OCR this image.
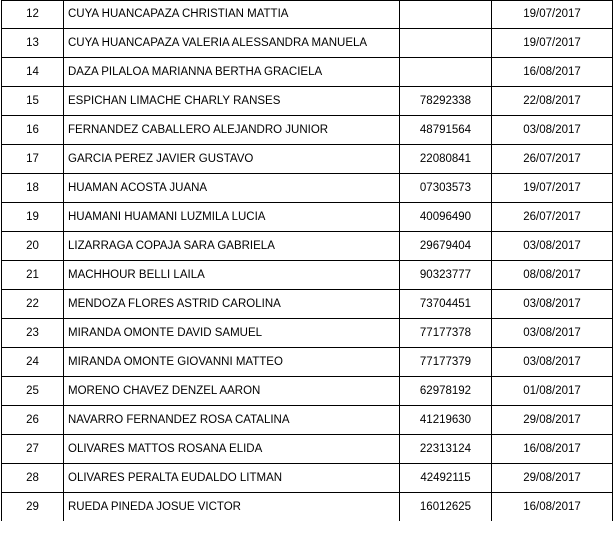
12	CUYA HUANCAPAZA CHRISTIAN MATTIA		19/07/2017
13	CUYA HUANCAPAZA VALERIA ALESSANDRA MANUELA		19/07/2017
14	DAZA PILALOA MARIANNA BERTHA GRACIELA		16/08/2017
15	ESPICHAN LIMACHE CHARLY RANSES	78292338	22/08/2017
16	FERNANDEZ CABALLERO ALEJANDRO JUNIOR	48791564	03/08/2017
17	GARCIA PEREZ JAVIER GUSTAVO	22080841	26/07/2017
18	HUAMAN ACOSTA JUANA	07303573	19/07/2017
19	HUAMANI HUAMANI LUZMILA LUCIA	40096490	26/07/2017
20	LIZARRAGA COPAJA SARA GABRIELA	29679404	03/08/2017
21	MACHHOUR BELLI LAILA	90323777	08/08/2017
22	MENDOZA FLORES ASTRID CAROLINA	73704451	03/08/2017
23	MIRANDA OMONTE DAVID SAMUEL	77177378	03/08/2017
24	MIRANDA OMONTE GIOVANNI MATTEO	77177379	03/08/2017
25	MORENO CHAVEZ DENZEL AARON	62978192	01/08/2017
26	NAVARRO FERNANDEZ ROSA CATALINA	41219630	29/08/2017
27	OLIVARES MATTOS ROSANA ELIDA	22313124	16/08/2017
28	OLIVARES PERALTA EUDALDO LITMAN	42492115	29/08/2017
29	RUEDA PINEDA JOSUE VICTOR	16012625	16/08/2017
